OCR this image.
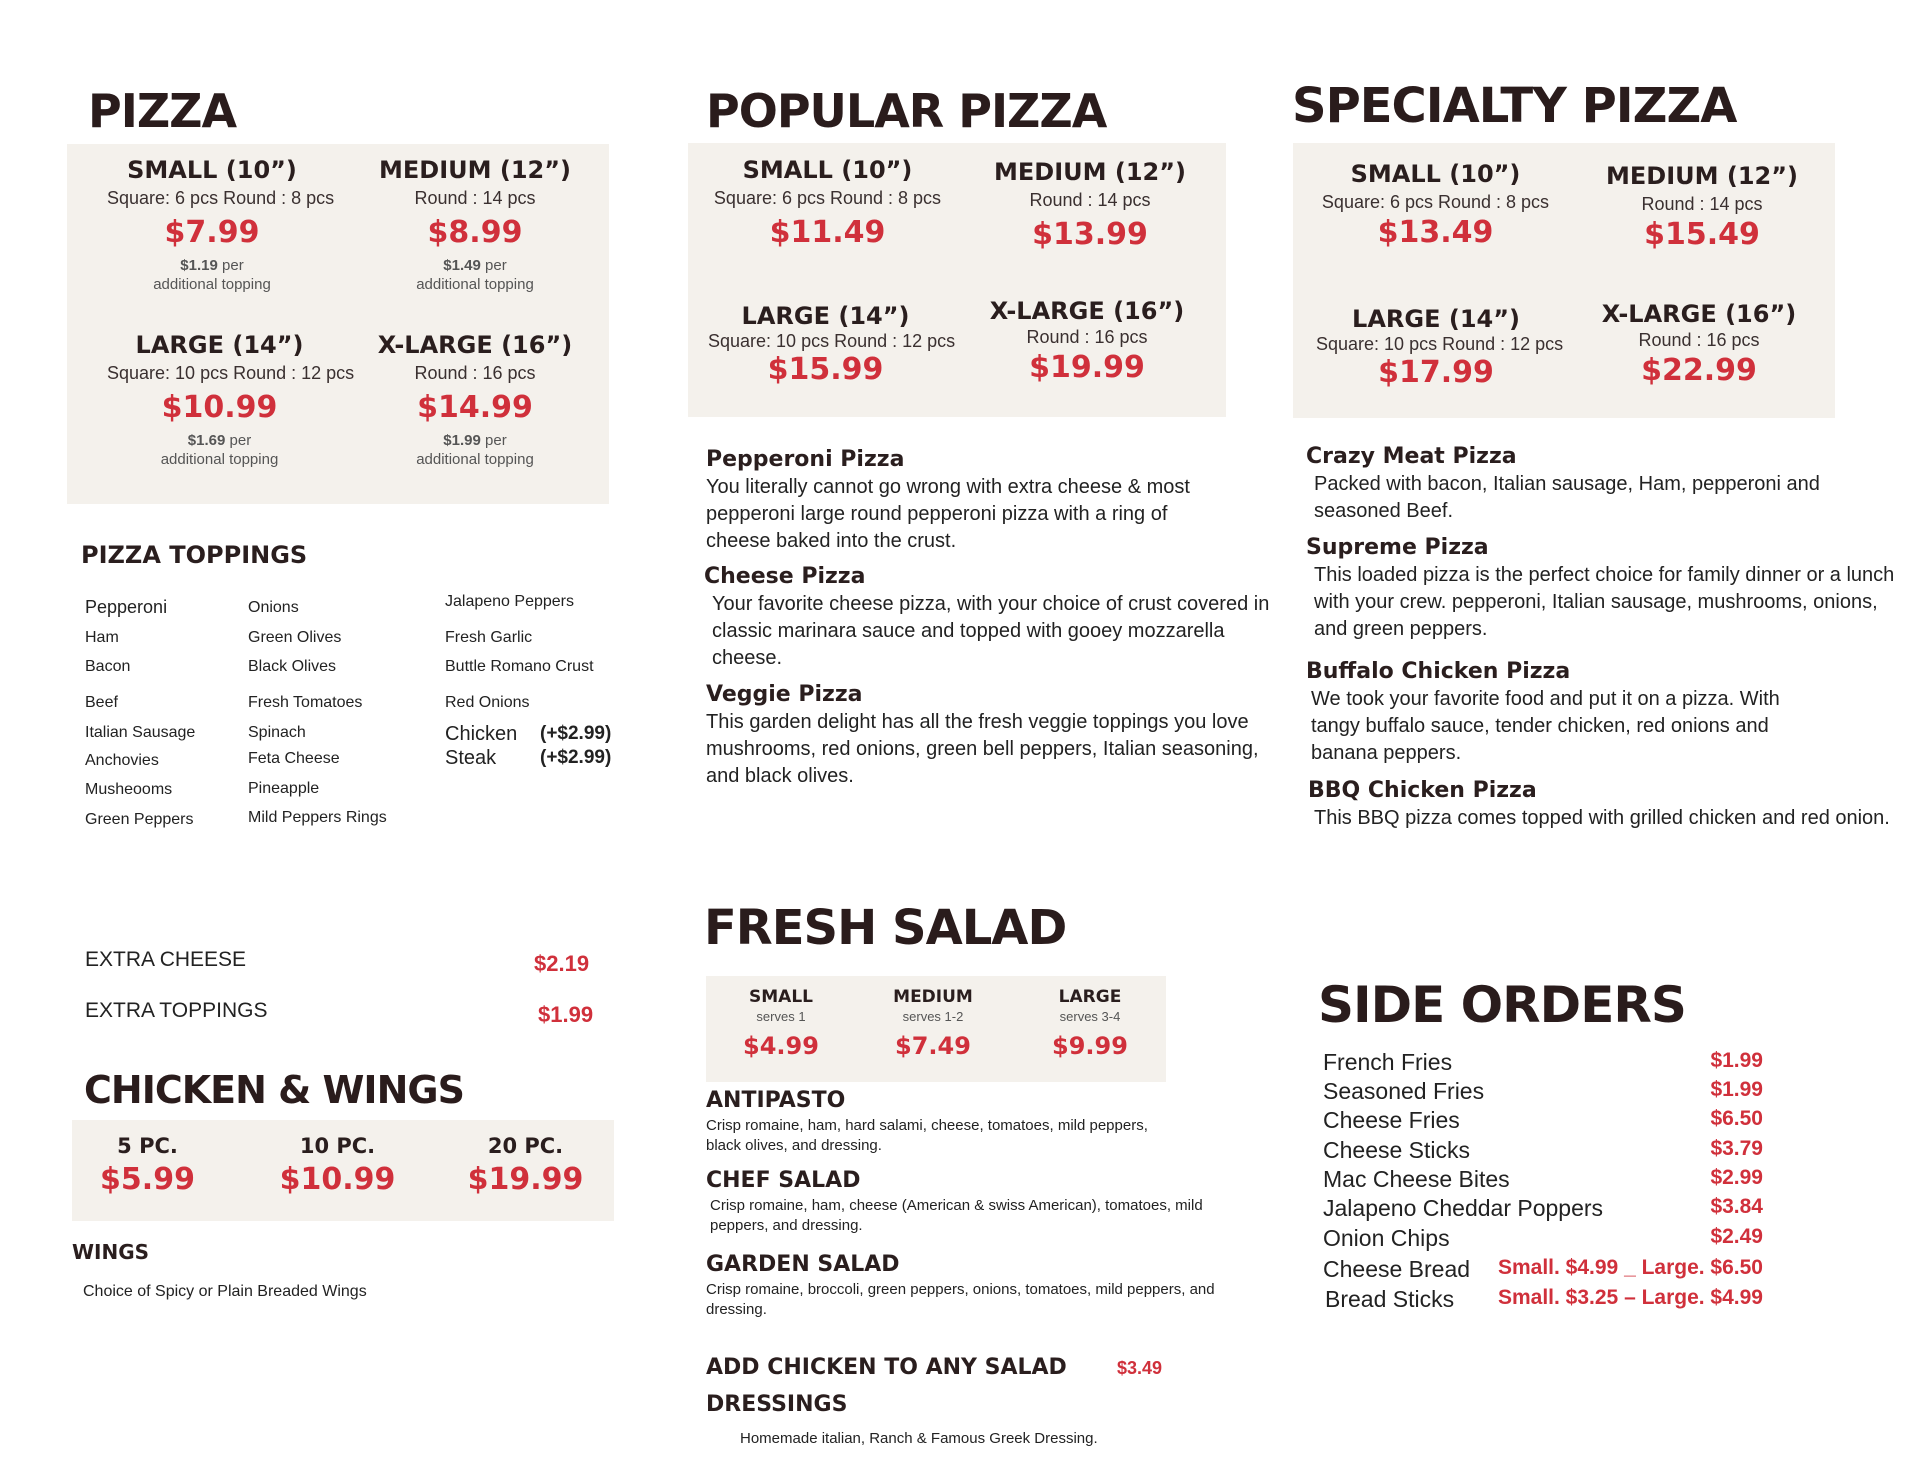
PIZZA
SMALL (10”)
Square: 6 pcs Round : 8 pcs
$7.99
$1.19 per
additional topping
MEDIUM (12”)
Round : 14 pcs
$8.99
$1.49 per
additional topping
LARGE (14”)
Square: 10 pcs Round : 12 pcs
$10.99
$1.69 per
additional topping
X-LARGE (16”)
Round : 16 pcs
$14.99
$1.99 per
additional topping
PIZZA TOPPINGS
Pepperoni
Ham
Bacon
Beef
Italian Sausage
Anchovies
Musheooms
Green Peppers
Onions
Green Olives
Black Olives
Fresh Tomatoes
Spinach
Feta Cheese
Pineapple
Mild Peppers Rings
Jalapeno Peppers
Fresh Garlic
Buttle Romano Crust
Red Onions
Chicken (+$2.99)
Steak (+$2.99)
EXTRA CHEESE	$2.19
EXTRA TOPPINGS	$1.99
CHICKEN & WINGS
5 PC.
$5.99
10 PC.
$10.99
20 PC.
$19.99
WINGS
Choice of Spicy or Plain Breaded Wings
POPULAR PIZZA
SMALL (10”)
Square: 6 pcs Round : 8 pcs
$11.49
MEDIUM (12”)
Round : 14 pcs
$13.99
LARGE (14”)
Square: 10 pcs Round : 12 pcs
$15.99
X-LARGE (16”)
Round : 16 pcs
$19.99
Pepperoni Pizza
You literally cannot go wrong with extra cheese & most pepperoni large round pepperoni pizza with a ring of cheese baked into the crust.
Cheese Pizza
Your favorite cheese pizza, with your choice of crust covered in classic marinara sauce and topped with gooey mozzarella cheese.
Veggie Pizza
This garden delight has all the fresh veggie toppings you love mushrooms, red onions, green bell peppers, Italian seasoning, and black olives.
SPECIALTY PIZZA
SMALL (10”)
Square: 6 pcs Round : 8 pcs
$13.49
MEDIUM (12”)
Round : 14 pcs
$15.49
LARGE (14”)
Square: 10 pcs Round : 12 pcs
$17.99
X-LARGE (16”)
Round : 16 pcs
$22.99
Crazy Meat Pizza
Packed with bacon, Italian sausage, Ham, pepperoni and seasoned Beef.
Supreme Pizza
This loaded pizza is the perfect choice for family dinner or a lunch with your crew. pepperoni, Italian sausage, mushrooms, onions, and green peppers.
Buffalo Chicken Pizza
We took your favorite food and put it on a pizza. With tangy buffalo sauce, tender chicken, red onions and banana peppers.
BBQ Chicken Pizza
This BBQ pizza comes topped with grilled chicken and red onion.
FRESH SALAD
SMALL
serves 1
$4.99
MEDIUM
serves 1-2
$7.49
LARGE
serves 3-4
$9.99
ANTIPASTO
Crisp romaine, ham, hard salami, cheese, tomatoes, mild peppers, black olives, and dressing.
CHEF SALAD
Crisp romaine, ham, cheese (American & swiss American), tomatoes, mild peppers, and dressing.
GARDEN SALAD
Crisp romaine, broccoli, green peppers, onions, tomatoes, mild peppers, and dressing.
ADD CHICKEN TO ANY SALAD	$3.49
DRESSINGS
Homemade italian, Ranch & Famous Greek Dressing.
SIDE ORDERS
French Fries	$1.99
Seasoned Fries	$1.99
Cheese Fries	$6.50
Cheese Sticks	$3.79
Mac Cheese Bites	$2.99
Jalapeno Cheddar Poppers	$3.84
Onion Chips	$2.49
Cheese Bread Small. $4.99 _ Large. $6.50
Bread Sticks Small. $3.25 – Large. $4.99
